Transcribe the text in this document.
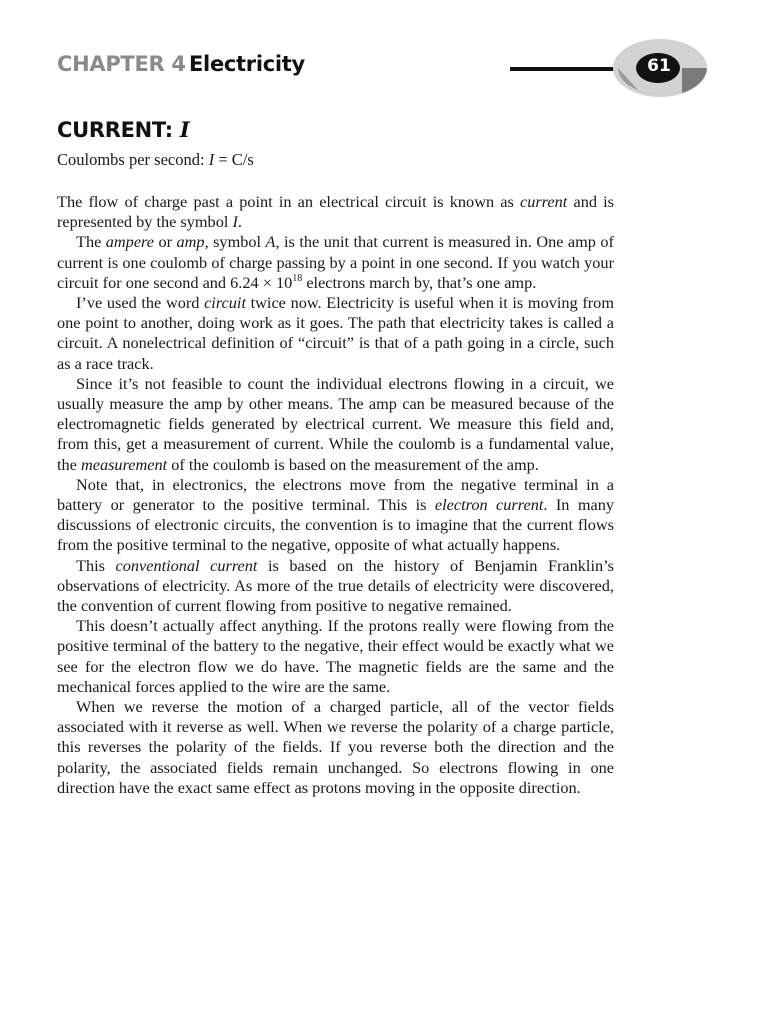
CHAPTER 4 Electricity	61
CURRENT: I
Coulombs per second: I = C/s

The flow of charge past a point in an electrical circuit is known as current and is represented by the symbol I.

The ampere or amp, symbol A, is the unit that current is measured in. One amp of current is one coulomb of charge passing by a point in one second. If you watch your circuit for one second and $6.24 \times 10^{18}$ electrons march by, that’s one amp.

I’ve used the word circuit twice now. Electricity is useful when it is moving from one point to another, doing work as it goes. The path that electricity takes is called a circuit. A nonelectrical definition of “circuit” is that of a path going in a circle, such as a race track.

Since it’s not feasible to count the individual electrons flowing in a circuit, we usually measure the amp by other means. The amp can be measured because of the electromagnetic fields generated by electrical current. We measure this field and, from this, get a measurement of current. While the coulomb is a fundamental value, the measurement of the coulomb is based on the measurement of the amp.

Note that, in electronics, the electrons move from the negative terminal in a battery or generator to the positive terminal. This is electron current. In many discussions of electronic circuits, the convention is to imagine that the current flows from the positive terminal to the negative, opposite of what actually happens.

This conventional current is based on the history of Benjamin Franklin’s observations of electricity. As more of the true details of electricity were discovered, the convention of current flowing from positive to negative remained.

This doesn’t actually affect anything. If the protons really were flowing from the positive terminal of the battery to the negative, their effect would be exactly what we see for the electron flow we do have. The magnetic fields are the same and the mechanical forces applied to the wire are the same.

When we reverse the motion of a charged particle, all of the vector fields associated with it reverse as well. When we reverse the polarity of a charge particle, this reverses the polarity of the fields. If you reverse both the direction and the polarity, the associated fields remain unchanged. So electrons flowing in one direction have the exact same effect as protons moving in the opposite direction.
